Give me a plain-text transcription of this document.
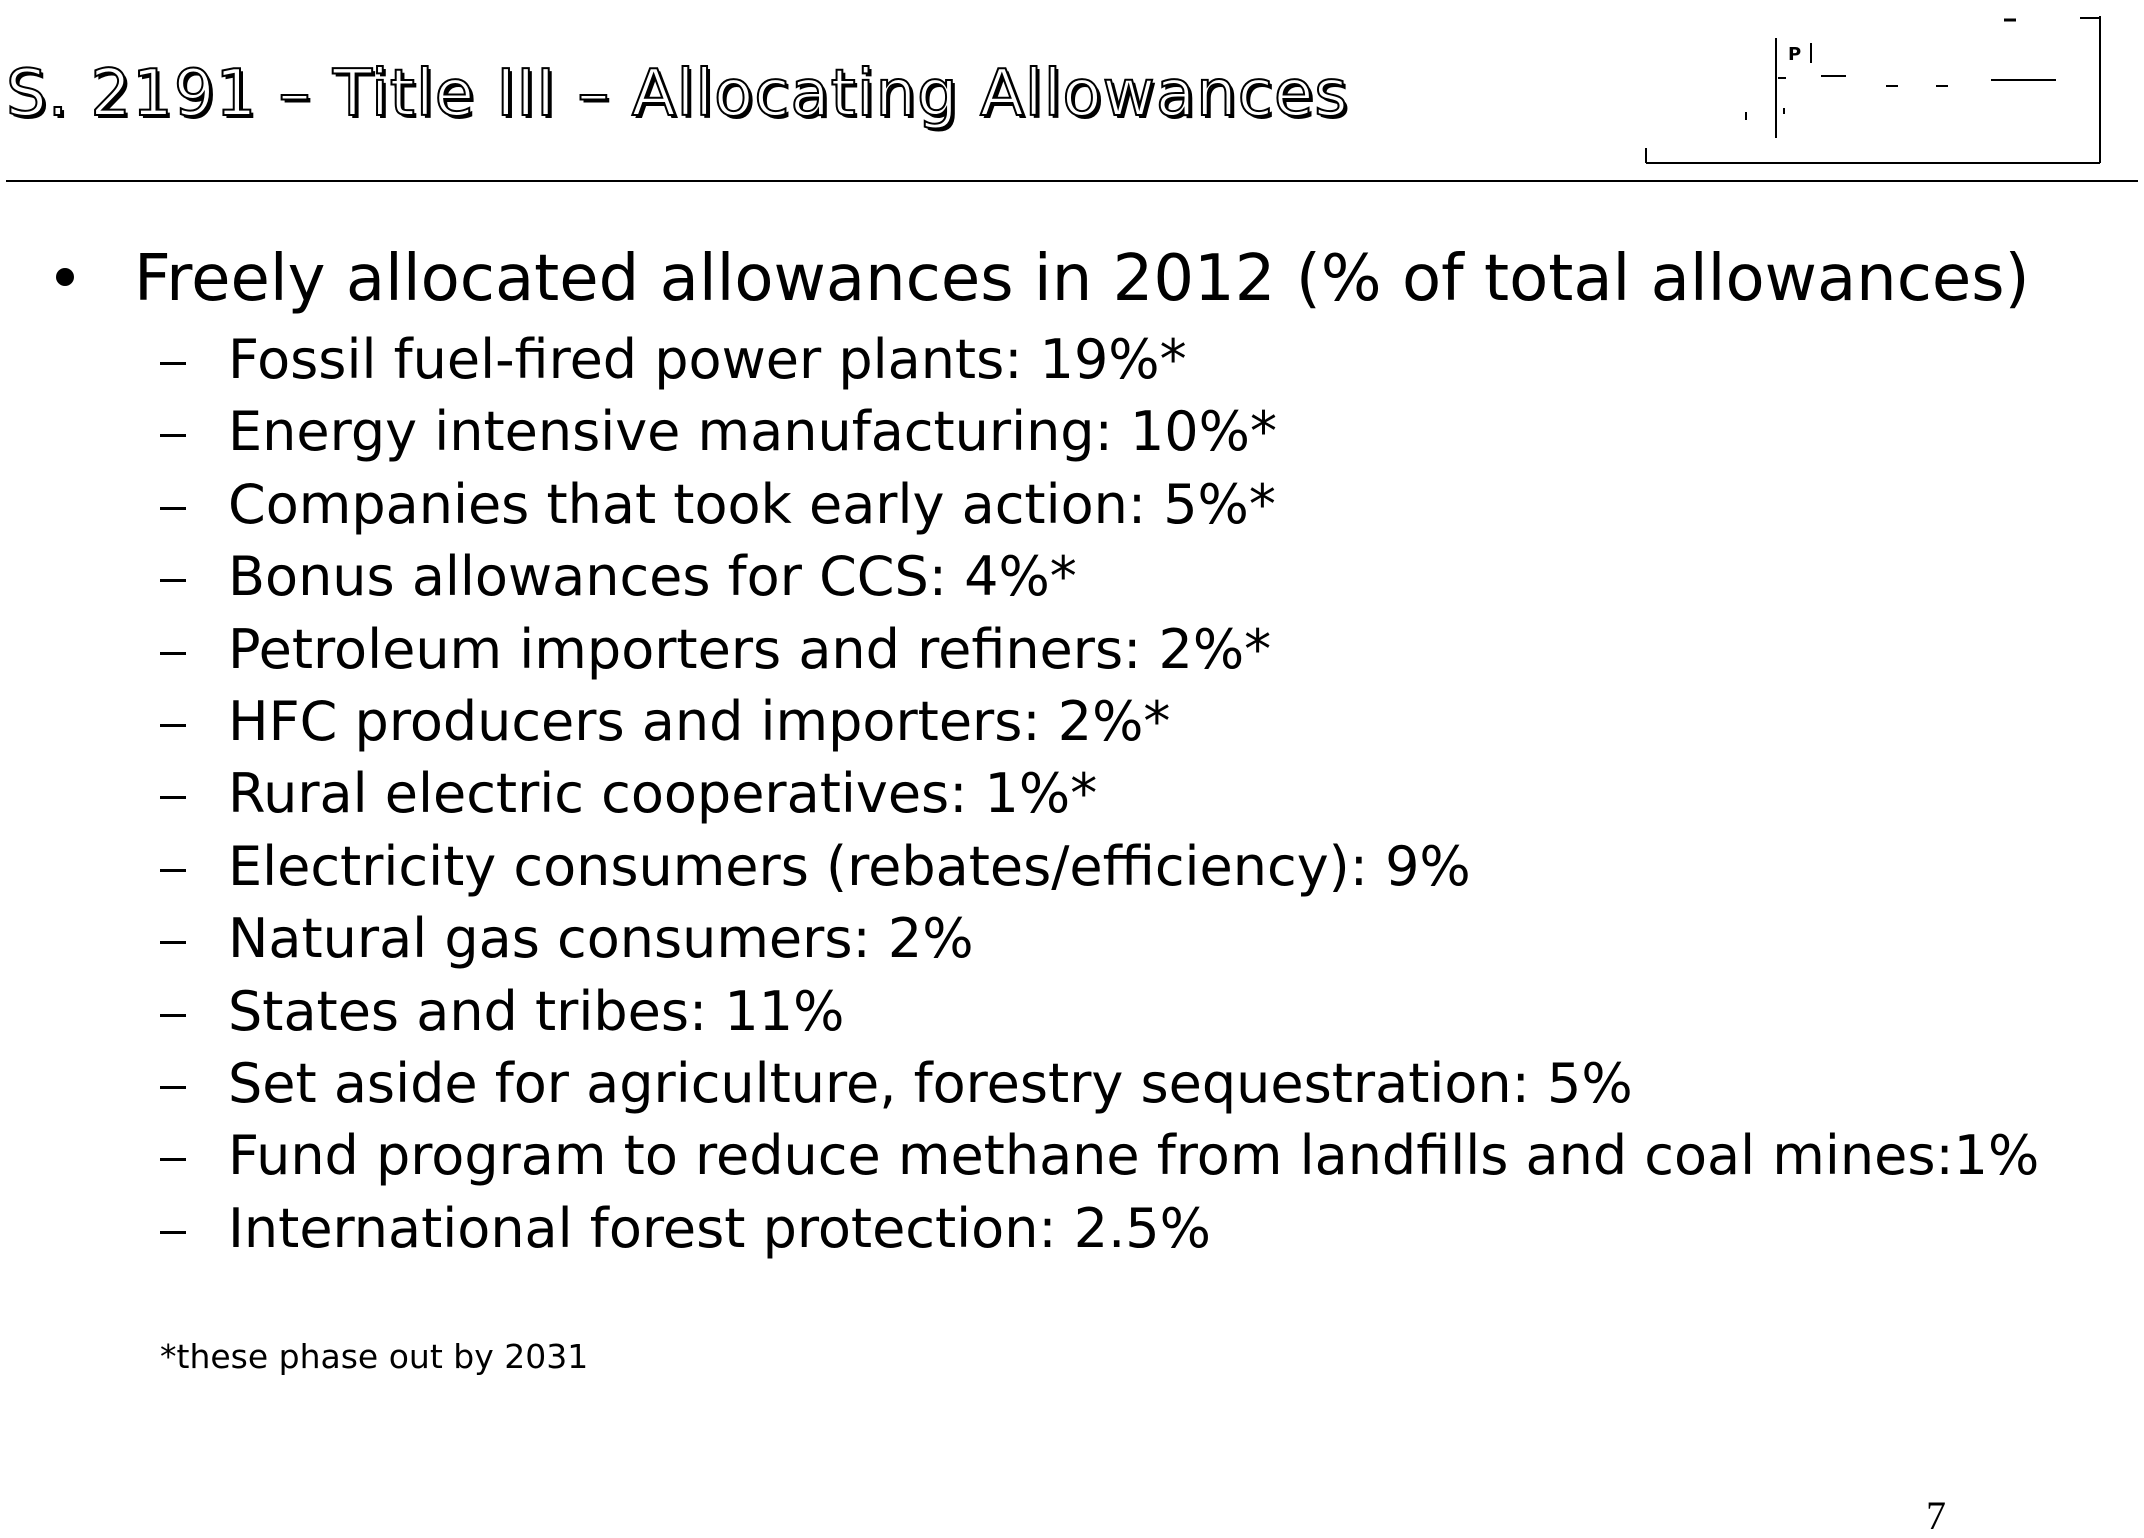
S. 2191 – Title III – Allocating Allowances
P
Freely allocated allowances in 2012 (% of total allowances)
Fossil fuel-fired power plants: 19%*
Energy intensive manufacturing: 10%*
Companies that took early action: 5%*
Bonus allowances for CCS: 4%*
Petroleum importers and refiners: 2%*
HFC producers and importers: 2%*
Rural electric cooperatives: 1%*
Electricity consumers (rebates/efficiency): 9%
Natural gas consumers: 2%
States and tribes: 11%
Set aside for agriculture, forestry sequestration: 5%
Fund program to reduce methane from landfills and coal mines:1%
International forest protection: 2.5%
*these phase out by 2031
7
